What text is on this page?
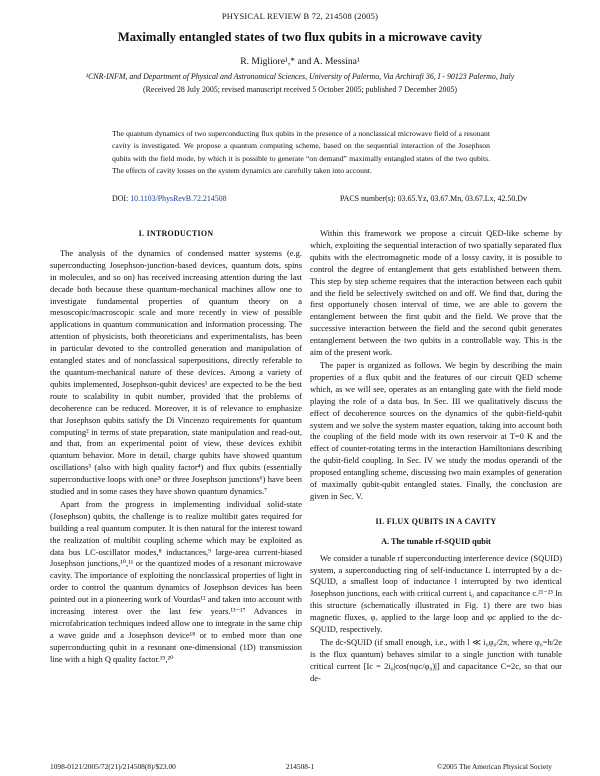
PHYSICAL REVIEW B 72, 214508 (2005)
Maximally entangled states of two flux qubits in a microwave cavity
R. Migliore¹,* and A. Messina¹
¹CNR-INFM, and Department of Physical and Astronomical Sciences, University of Palermo, Via Archirafi 36, I - 90123 Palermo, Italy
(Received 28 July 2005; revised manuscript received 5 October 2005; published 7 December 2005)
The quantum dynamics of two superconducting flux qubits in the presence of a nonclassical microwave field of a resonant cavity is investigated. We propose a quantum computing scheme, based on the sequential interaction of the Josephson qubits with the field mode, by which it is possible to generate “on demand” maximally entangled states of the two qubits. The effects of cavity losses on the system dynamics are carefully taken into account.
DOI: 10.1103/PhysRevB.72.214508	PACS number(s): 03.65.Yz, 03.67.Mn, 03.67.Lx, 42.50.Dv
I. INTRODUCTION

The analysis of the dynamics of condensed matter systems (e.g. superconducting Josephson-junction-based devices, quantum dots, spins in molecules, and so on) has received increasing attention during the last decade both because these quantum-mechanical machines allow one to investigate fundamental properties of quantum theory on a mesoscopic/macroscopic scale and more recently in view of possible applications in quantum communication and information processing. The attention of physicists, both theoreticians and experimentalists, has been in particular devoted to the controlled generation and manipulation of entangled states and of nonclassical superpositions, directly referable to the quantum-mechanical nature of these devices. Among a variety of qubits implemented, Josephson-qubit devices¹ are expected to be the best route to scalability in qubit number, provided that the problems of decoherence can be reduced. Moreover, it is of relevance to emphasize that Josephson qubits satisfy the Di Vincenzo requirements for quantum computing² in terms of state preparation, state manipulation and read-out, and that, from an experimental point of view, these devices exhibit quantum behavior. More in detail, charge qubits have showed quantum oscillations³ (also with high quality factor⁴) and flux qubits (essentially superconductive loops with one⁵ or three Josephson junctions⁶) have been studied and in some cases they have shown quantum dynamics.⁷

Apart from the progress in implementing individual solid-state (Josephson) qubits, the challenge is to realize multibit gates required for building a real quantum computer. It is then natural for the interest toward the realization of multibit coupling scheme which may be exploited as data bus LC-oscillator modes,⁸ inductances,⁹ large-area current-biased Josephson junctions,¹⁰,¹¹ or the quantized modes of a resonant microwave cavity. The importance of exploiting the nonclassical properties of light in order to control the quantum dynamics of Josephson devices has been pointed out in a pioneering work of Vourdas¹² and taken into account with increasing interest over the last few years.¹³⁻¹⁷ Advances in microfabrication techniques indeed allow one to integrate in the same chip a wave guide and a Josephson device¹⁸ or to embed more than one superconducting qubit in a resonant one-dimensional (1D) transmission line with a high Q quality factor.¹⁹,²⁰

Within this framework we propose a circuit QED-like scheme by which, exploiting the sequential interaction of two spatially separated flux qubits with the electromagnetic mode of a lossy cavity, it is possible to control the degree of entanglement that gets established between them. This step by step scheme requires that the interaction between each qubit and the field be selectively switched on and off. We find that, during the first opportunely chosen interval of time, we are able to govern the entanglement between the first qubit and the field. We prove that the successive interaction between the field and the second qubit generates entanglement between the two qubits in a controllable way. This is the aim of the present work.

The paper is organized as follows. We begin by describing the main properties of a flux qubit and the features of our circuit QED scheme which, as we will see, operates as an entangling gate with the field mode playing the role of a data bus. In Sec. III we qualitatively discuss the effect of decoherence sources on the dynamics of the qubit-field-qubit system and we solve the system master equation, taking into account both the coupling of the field mode with its own reservoir at T=0 K and the effect of counter-rotating terms in the interaction Hamiltonians describing the qubit-field coupling. In Sec. IV we study the modus operandi of the proposed entangling scheme, discussing two main examples of generation of maximally qubit-qubit entangled states. Finally, the conclusion are given in Sec. V.

II. FLUX QUBITS IN A CAVITY
A. The tunable rf-SQUID qubit

We consider a tunable rf superconducting interference device (SQUID) system, a superconducting ring of self-inductance L interrupted by a dc-SQUID, a smallest loop of inductance l interrupted by two identical Josephson junctions, each with critical current i₀ and capacitance c.²¹⁻²³ In this structure (schematically illustrated in Fig. 1) there are two bias magnetic fluxes, φₓ applied to the large loop and φc applied to the dc-SQUID, respectively.

The dc-SQUID (if small enough, i.e., with l ≪ i₀φ₀/2π, where φ₀=h/2e is the flux quantum) behaves similar to a single junction with tunable critical current [Ic = 2i₀|cos(πφc/φ₀)|] and capacitance C=2c, so that our de-

1098-0121/2005/72(21)/214508(8)/$23.00	214508-1	©2005 The American Physical Society
